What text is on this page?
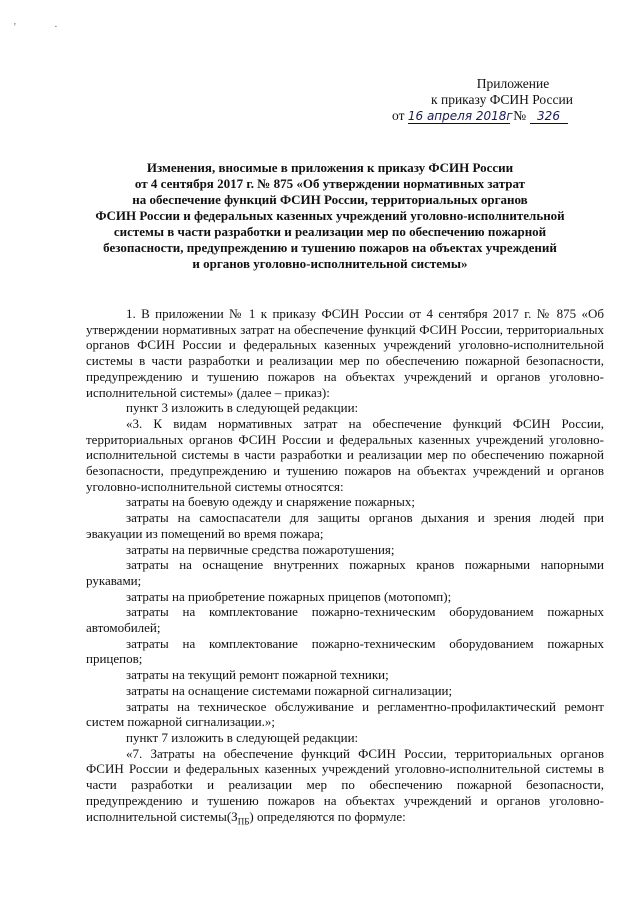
' ·
Приложение
к приказу ФСИН России
от 16 апреля 2018г № 326
Изменения, вносимые в приложения к приказу ФСИН России
от 4 сентября 2017 г. № 875 «Об утверждении нормативных затрат
на обеспечение функций ФСИН России, территориальных органов
ФСИН России и федеральных казенных учреждений уголовно-исполнительной
системы в части разработки и реализации мер по обеспечению пожарной
безопасности, предупреждению и тушению пожаров на объектах учреждений
и органов уголовно-исполнительной системы»

1. В приложении № 1 к приказу ФСИН России от 4 сентября 2017 г. № 875 «Об утверждении нормативных затрат на обеспечение функций ФСИН России, территориальных органов ФСИН России и федеральных казенных учреждений уголовно-исполнительной системы в части разработки и реализации мер по обеспечению пожарной безопасности, предупреждению и тушению пожаров на объектах учреждений и органов уголовно-исполнительной системы» (далее – приказ):

пункт 3 изложить в следующей редакции:

«3. К видам нормативных затрат на обеспечение функций ФСИН России, территориальных органов ФСИН России и федеральных казенных учреждений уголовно-исполнительной системы в части разработки и реализации мер по обеспечению пожарной безопасности, предупреждению и тушению пожаров на объектах учреждений и органов уголовно-исполнительной системы относятся:

затраты на боевую одежду и снаряжение пожарных;

затраты на самоспасатели для защиты органов дыхания и зрения людей при эвакуации из помещений во время пожара;

затраты на первичные средства пожаротушения;

затраты на оснащение внутренних пожарных кранов пожарными напорными рукавами;

затраты на приобретение пожарных прицепов (мотопомп);

затраты на комплектование пожарно-техническим оборудованием пожарных автомобилей;

затраты на комплектование пожарно-техническим оборудованием пожарных прицепов;

затраты на текущий ремонт пожарной техники;

затраты на оснащение системами пожарной сигнализации;

затраты на техническое обслуживание и регламентно-профилактический ремонт систем пожарной сигнализации.»;

пункт 7 изложить в следующей редакции:

«7. Затраты на обеспечение функций ФСИН России, территориальных органов ФСИН России и федеральных казенных учреждений уголовно-исполнительной системы в части разработки и реализации мер по обеспечению пожарной безопасности, предупреждению и тушению пожаров на объектах учреждений и органов уголовно-исполнительной $системы(З_{ПБ})$ определяются по формуле:
